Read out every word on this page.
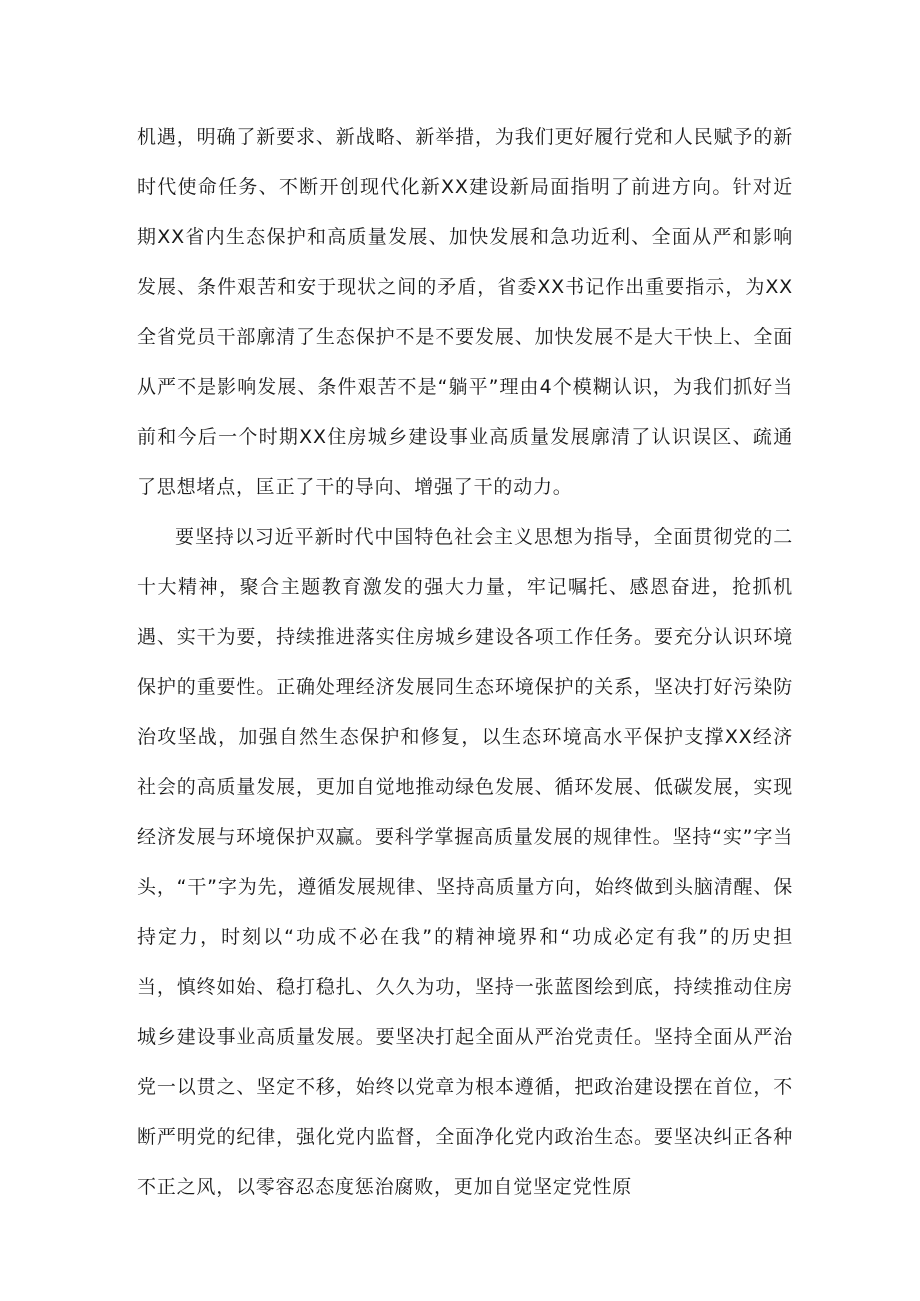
机遇，明确了新要求、新战略、新举措，为我们更好履行党和人民赋予的新时代使命任务、不断开创现代化新XX建设新局面指明了前进方向。针对近期XX省内生态保护和高质量发展、加快发展和急功近利、全面从严和影响发展、条件艰苦和安于现状之间的矛盾，省委XX书记作出重要指示，为XX全省党员干部廓清了生态保护不是不要发展、加快发展不是大干快上、全面从严不是影响发展、条件艰苦不是“躺平”理由4个模糊认识，为我们抓好当前和今后一个时期XX住房城乡建设事业高质量发展廓清了认识误区、疏通了思想堵点，匡正了干的导向、增强了干的动力。

要坚持以习近平新时代中国特色社会主义思想为指导，全面贯彻党的二十大精神，聚合主题教育激发的强大力量，牢记嘱托、感恩奋进，抢抓机遇、实干为要，持续推进落实住房城乡建设各项工作任务。要充分认识环境保护的重要性。正确处理经济发展同生态环境保护的关系，坚决打好污染防治攻坚战，加强自然生态保护和修复，以生态环境高水平保护支撑XX经济社会的高质量发展，更加自觉地推动绿色发展、循环发展、低碳发展，实现经济发展与环境保护双赢。要科学掌握高质量发展的规律性。坚持“实”字当头，“干”字为先，遵循发展规律、坚持高质量方向，始终做到头脑清醒、保持定力，时刻以“功成不必在我”的精神境界和“功成必定有我”的历史担当，慎终如始、稳打稳扎、久久为功，坚持一张蓝图绘到底，持续推动住房城乡建设事业高质量发展。要坚决打起全面从严治党责任。坚持全面从严治党一以贯之、坚定不移，始终以党章为根本遵循，把政治建设摆在首位，不断严明党的纪律，强化党内监督，全面净化党内政治生态。要坚决纠正各种不正之风，以零容忍态度惩治腐败，更加自觉坚定党性原
